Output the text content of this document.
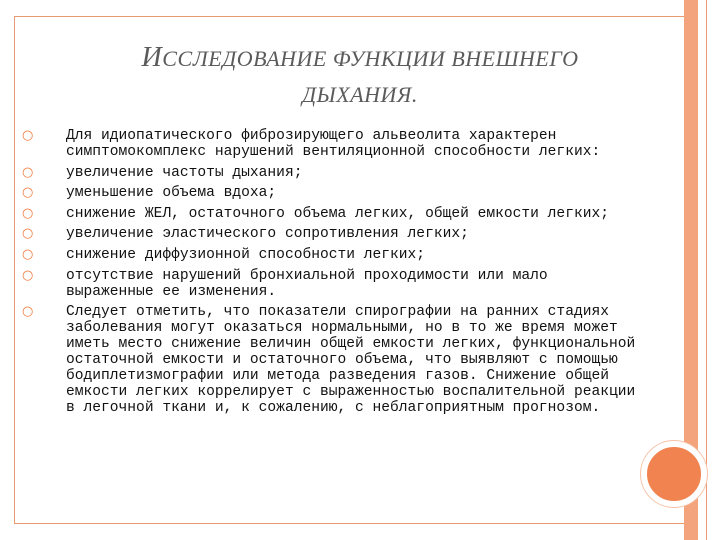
ИССЛЕДОВАНИЕ ФУНКЦИИ ВНЕШНЕГО
ДЫХАНИЯ.
○ Для идиопатического фиброзирующего альвеолита характерен симптомокомплекс нарушений вентиляционной способности легких:
○ увеличение частоты дыхания;
○ уменьшение объема вдоха;
○ снижение ЖЕЛ, остаточного объема легких, общей емкости легких;
○ увеличение эластического сопротивления легких;
○ снижение диффузионной способности легких;
○ отсутствие нарушений бронхиальной проходимости или мало выраженные ее изменения.
○ Следует отметить, что показатели спирографии на ранних стадиях заболевания могут оказаться нормальными, но в то же время может иметь место снижение величин общей емкости легких, функциональной остаточной емкости и остаточного объема, что выявляют с помощью бодиплетизмографии или метода разведения газов. Снижение общей емкости легких коррелирует с выраженностью воспалительной реакции в легочной ткани и, к сожалению, с неблагоприятным прогнозом.
